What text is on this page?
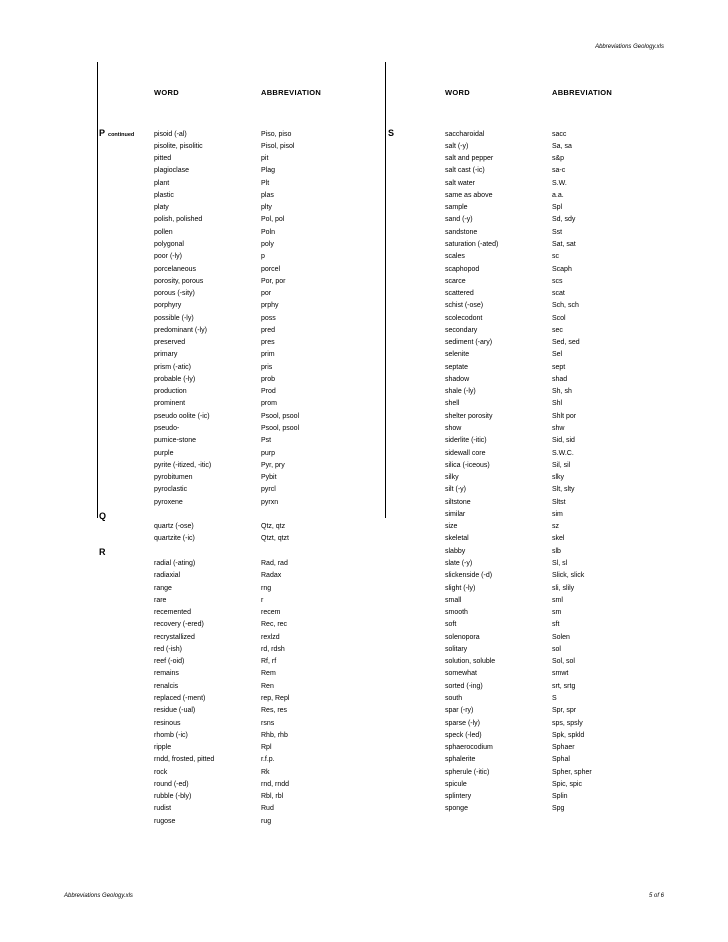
Abbreviations Geology.xls
WORD	ABBREVIATION	WORD	ABBREVIATION
Pcontinued
Q
R
S
pisoid (-al)	Piso, piso
pisolite, pisolitic	Pisol, pisol
pitted	pit
plagioclase	Plag
plant	Plt
plastic	plas
platy	plty
polish, polished	Pol, pol
pollen	Poln
polygonal	poly
poor (-ly)	p
porcelaneous	porcel
porosity, porous	Por, por
porous (-sity)	por
porphyry	prphy
possible (-ly)	poss
predominant (-ly)	pred
preserved	pres
primary	prim
prism (-atic)	pris
probable (-ly)	prob
production	Prod
prominent	prom
pseudo oolite (-ic)	Psool, psool
pseudo-	Psool, psool
pumice-stone	Pst
purple	purp
pyrite (-itized, -itic)	Pyr, pry
pyrobitumen	Pybit
pyroclastic	pyrcl
pyroxene	pyrxn
quartz (-ose)	Qtz, qtz
quartzite (-ic)	Qtzt, qtzt
radial (-ating)	Rad, rad
radiaxial	Radax
range	rng
rare	r
recemented	recem
recovery (-ered)	Rec, rec
recrystallized	rexlzd
red (-ish)	rd, rdsh
reef (-oid)	Rf, rf
remains	Rem
renalcis	Ren
replaced (-ment)	rep, Repl
residue (-ual)	Res, res
resinous	rsns
rhomb (-ic)	Rhb, rhb
ripple	Rpl
rndd, frosted, pitted	r.f.p.
rock	Rk
round (-ed)	rnd, rndd
rubble (-bly)	Rbl, rbl
rudist	Rud
rugose	rug
saccharoidal	sacc
salt (-y)	Sa, sa
salt and pepper	s&p
salt cast (-ic)	sa-c
salt water	S.W.
same as above	a.a.
sample	Spl
sand (-y)	Sd, sdy
sandstone	Sst
saturation (-ated)	Sat, sat
scales	sc
scaphopod	Scaph
scarce	scs
scattered	scat
schist (-ose)	Sch, sch
scolecodont	Scol
secondary	sec
sediment (-ary)	Sed, sed
selenite	Sel
septate	sept
shadow	shad
shale (-ly)	Sh, sh
shell	Shl
shelter porosity	Shlt por
show	shw
siderlite (-itic)	Sid, sid
sidewall core	S.W.C.
silica (-iceous)	Sil, sil
silky	slky
silt (-y)	Slt, slty
siltstone	Sltst
similar	sim
size	sz
skeletal	skel
slabby	slb
slate (-y)	Sl, sl
slickenside (-d)	Slick, slick
slight (-ly)	sli, slily
small	sml
smooth	sm
soft	sft
solenopora	Solen
solitary	sol
solution, soluble	Sol, sol
somewhat	smwt
sorted (-ing)	srt, srtg
south	S
spar (-ry)	Spr, spr
sparse (-ly)	sps, spsly
speck (-led)	Spk, spkld
sphaerocodium	Sphaer
sphalerite	Sphal
spherule (-itic)	Spher, spher
spicule	Spic, spic
splintery	Splin
sponge	Spg
Abbreviations Geology.xls	5 of 6
